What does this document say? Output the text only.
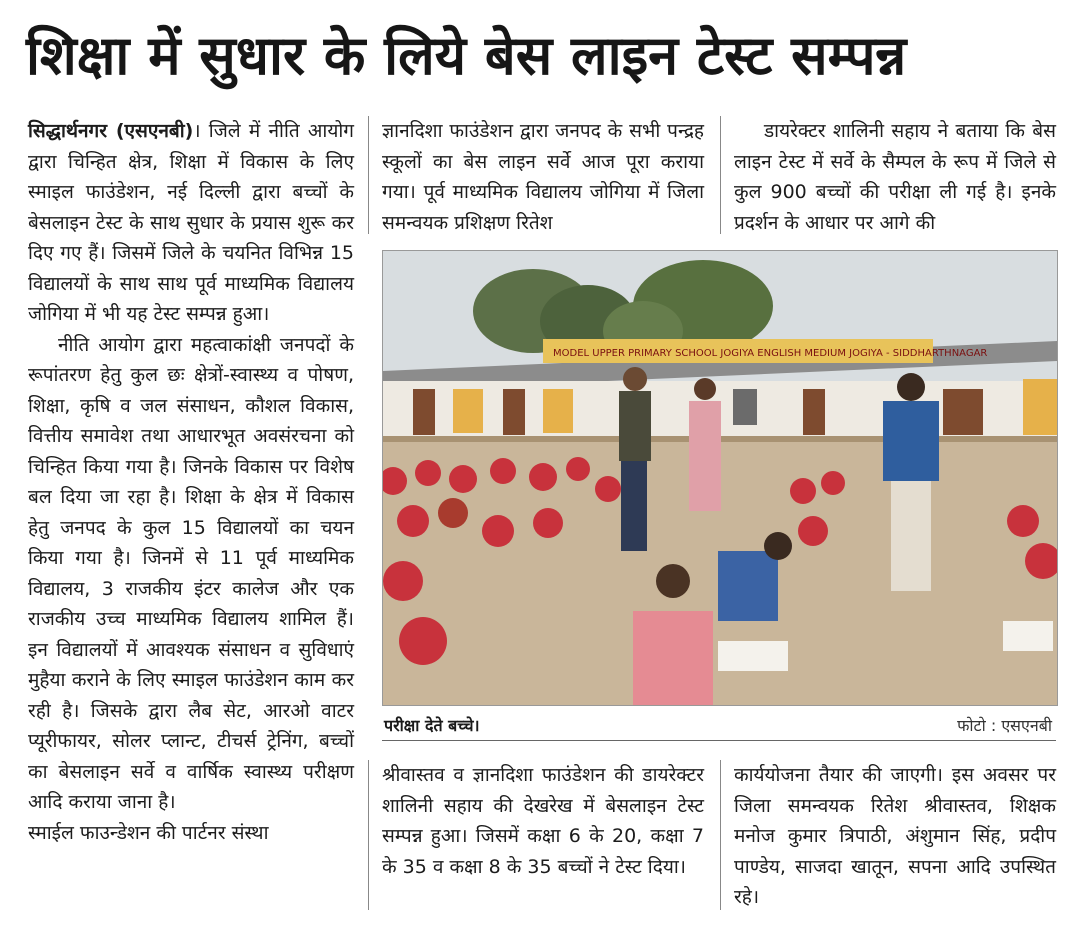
शिक्षा में सुधार के लिये बेस लाइन टेस्ट सम्पन्न

सिद्धार्थनगर (एसएनबी)। जिले में नीति आयोग द्वारा चिन्हित क्षेत्र, शिक्षा में विकास के लिए स्माइल फाउंडेशन, नई दिल्ली द्वारा बच्चों के बेसलाइन टेस्ट के साथ सुधार के प्रयास शुरू कर दिए गए हैं। जिसमें जिले के चयनित विभिन्न 15 विद्यालयों के साथ साथ पूर्व माध्यमिक विद्यालय जोगिया में भी यह टेस्ट सम्पन्न हुआ।

नीति आयोग द्वारा महत्वाकांक्षी जनपदों के रूपांतरण हेतु कुल छः क्षेत्रों-स्वास्थ्य व पोषण, शिक्षा, कृषि व जल संसाधन, कौशल विकास, वित्तीय समावेश तथा आधारभूत अवसंरचना को चिन्हित किया गया है। जिनके विकास पर विशेष बल दिया जा रहा है। शिक्षा के क्षेत्र में विकास हेतु जनपद के कुल 15 विद्यालयों का चयन किया गया है। जिनमें से 11 पूर्व माध्यमिक विद्यालय, 3 राजकीय इंटर कालेज और एक राजकीय उच्च माध्यमिक विद्यालय शामिल हैं। इन विद्यालयों में आवश्यक संसाधन व सुविधाएं मुहैया कराने के लिए स्माइल फाउंडेशन काम कर रही है। जिसके द्वारा लैब सेट, आरओ वाटर प्यूरीफायर, सोलर प्लान्ट, टीचर्स ट्रेनिंग, बच्चों का बेसलाइन सर्वे व वार्षिक स्वास्थ्य परीक्षण आदि कराया जाना है।

स्माईल फाउन्डेशन की पार्टनर संस्था

ज्ञानदिशा फाउंडेशन द्वारा जनपद के सभी पन्द्रह स्कूलों का बेस लाइन सर्वे आज पूरा कराया गया। पूर्व माध्यमिक विद्यालय जोगिया में जिला समन्वयक प्रशिक्षण रितेश
डायरेक्टर शालिनी सहाय ने बताया कि बेस लाइन टेस्ट में सर्वे के सैम्पल के रूप में जिले से कुल 900 बच्चों की परीक्षा ली गई है। इनके प्रदर्शन के आधार पर आगे की
MODEL UPPER PRIMARY SCHOOL JOGIYA ENGLISH MEDIUM JOGIYA - SIDDHARTHNAGAR
परीक्षा देते बच्चे।	फोटो : एसएनबी
श्रीवास्तव व ज्ञानदिशा फाउंडेशन की डायरेक्टर शालिनी सहाय की देखरेख में बेसलाइन टेस्ट सम्पन्न हुआ। जिसमें कक्षा 6 के 20, कक्षा 7 के 35 व कक्षा 8 के 35 बच्चों ने टेस्ट दिया।
कार्ययोजना तैयार की जाएगी। इस अवसर पर जिला समन्वयक रितेश श्रीवास्तव, शिक्षक मनोज कुमार त्रिपाठी, अंशुमान सिंह, प्रदीप पाण्डेय, साजदा खातून, सपना आदि उपस्थित रहे।
